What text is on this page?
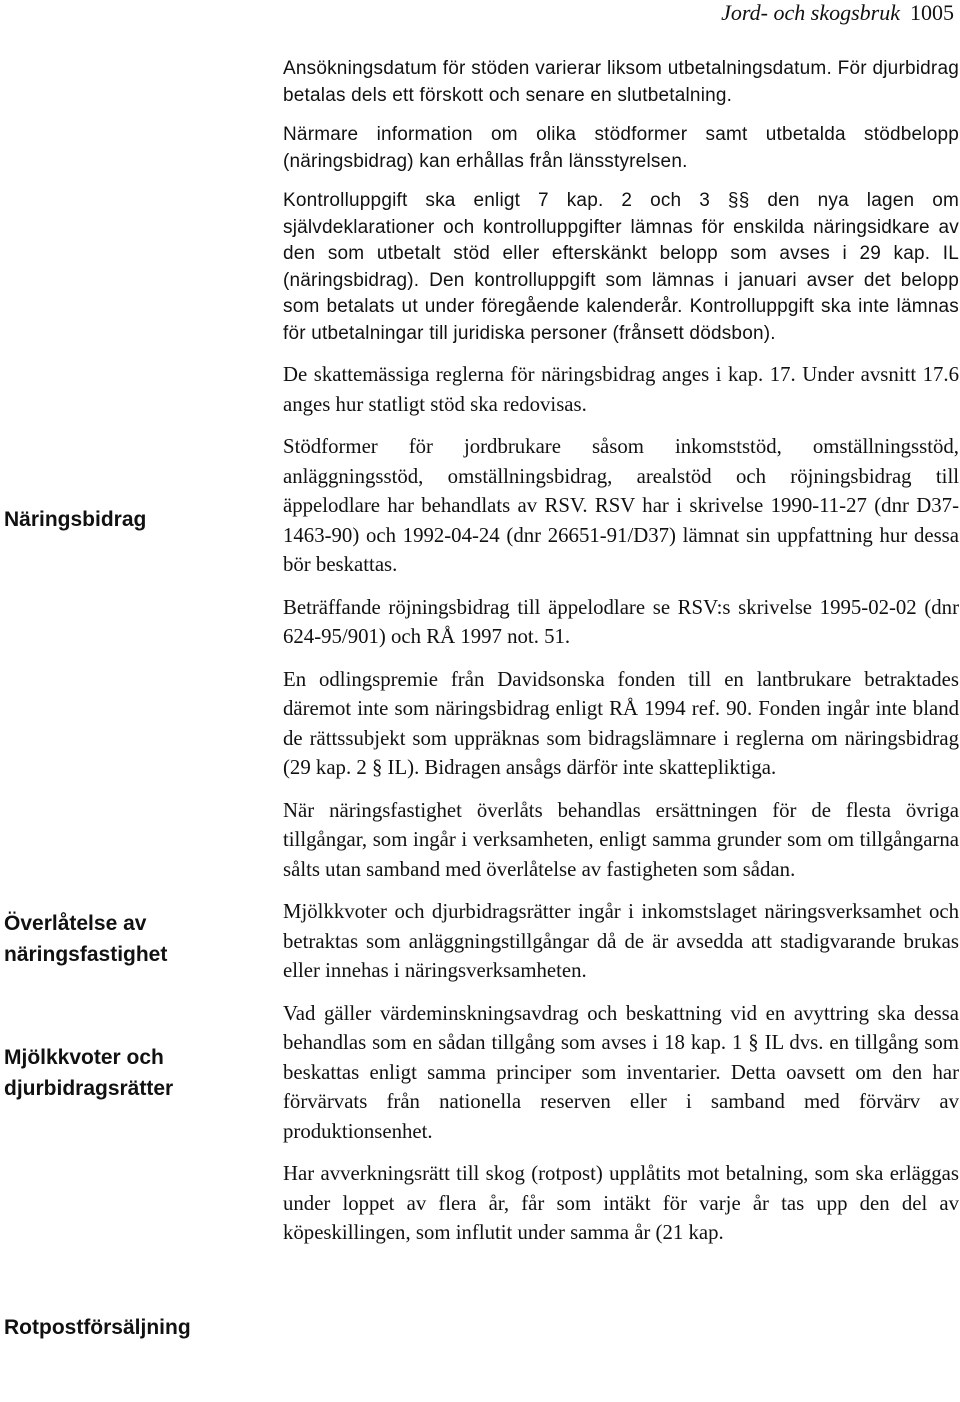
Jord- och skogsbruk 1005
Näringsbidrag
Överlåtelse av
näringsfastighet
Mjölkkvoter och
djurbidragsrätter
Rotpostförsäljning

Ansökningsdatum för stöden varierar liksom utbetalningsdatum. För djurbidrag betalas dels ett förskott och senare en slutbetalning.

Närmare information om olika stödformer samt utbetalda stödbelopp (näringsbidrag) kan erhållas från länsstyrelsen.

Kontrolluppgift ska enligt 7 kap. 2 och 3 §§ den nya lagen om självdeklarationer och kontrolluppgifter lämnas för enskilda näringsidkare av den som utbetalt stöd eller efterskänkt belopp som avses i 29 kap. IL (näringsbidrag). Den kontrolluppgift som lämnas i januari avser det belopp som betalats ut under föregående kalenderår. Kontrolluppgift ska inte lämnas för utbetalningar till juridiska personer (frånsett dödsbon).

De skattemässiga reglerna för näringsbidrag anges i kap. 17. Under avsnitt 17.6 anges hur statligt stöd ska redovisas.

Stödformer för jordbrukare såsom inkomststöd, omställningsstöd, anläggningsstöd, omställningsbidrag, arealstöd och röjningsbidrag till äppelodlare har behandlats av RSV. RSV har i skrivelse 1990-11-27 (dnr D37-1463-90) och 1992-04-24 (dnr 26651-91/D37) lämnat sin uppfattning hur dessa bör beskattas.

Beträffande röjningsbidrag till äppelodlare se RSV:s skrivelse 1995-02-02 (dnr 624-95/901) och RÅ 1997 not. 51.

En odlingspremie från Davidsonska fonden till en lantbrukare betraktades däremot inte som näringsbidrag enligt RÅ 1994 ref. 90. Fonden ingår inte bland de rättssubjekt som uppräknas som bidragslämnare i reglerna om näringsbidrag (29 kap. 2 § IL). Bidragen ansågs därför inte skattepliktiga.

När näringsfastighet överlåts behandlas ersättningen för de flesta övriga tillgångar, som ingår i verksamheten, enligt samma grunder som om tillgångarna sålts utan samband med överlåtelse av fastigheten som sådan.

Mjölkkvoter och djurbidragsrätter ingår i inkomstslaget näringsverksamhet och betraktas som anläggningstillgångar då de är avsedda att stadigvarande brukas eller innehas i näringsverksamheten.

Vad gäller värdeminskningsavdrag och beskattning vid en avyttring ska dessa behandlas som en sådan tillgång som avses i 18 kap. 1 § IL dvs. en tillgång som beskattas enligt samma principer som inventarier. Detta oavsett om den har förvärvats från nationella reserven eller i samband med förvärv av produktionsenhet.

Har avverkningsrätt till skog (rotpost) upplåtits mot betalning, som ska erläggas under loppet av flera år, får som intäkt för varje år tas upp den del av köpeskillingen, som influtit under samma år (21 kap.
